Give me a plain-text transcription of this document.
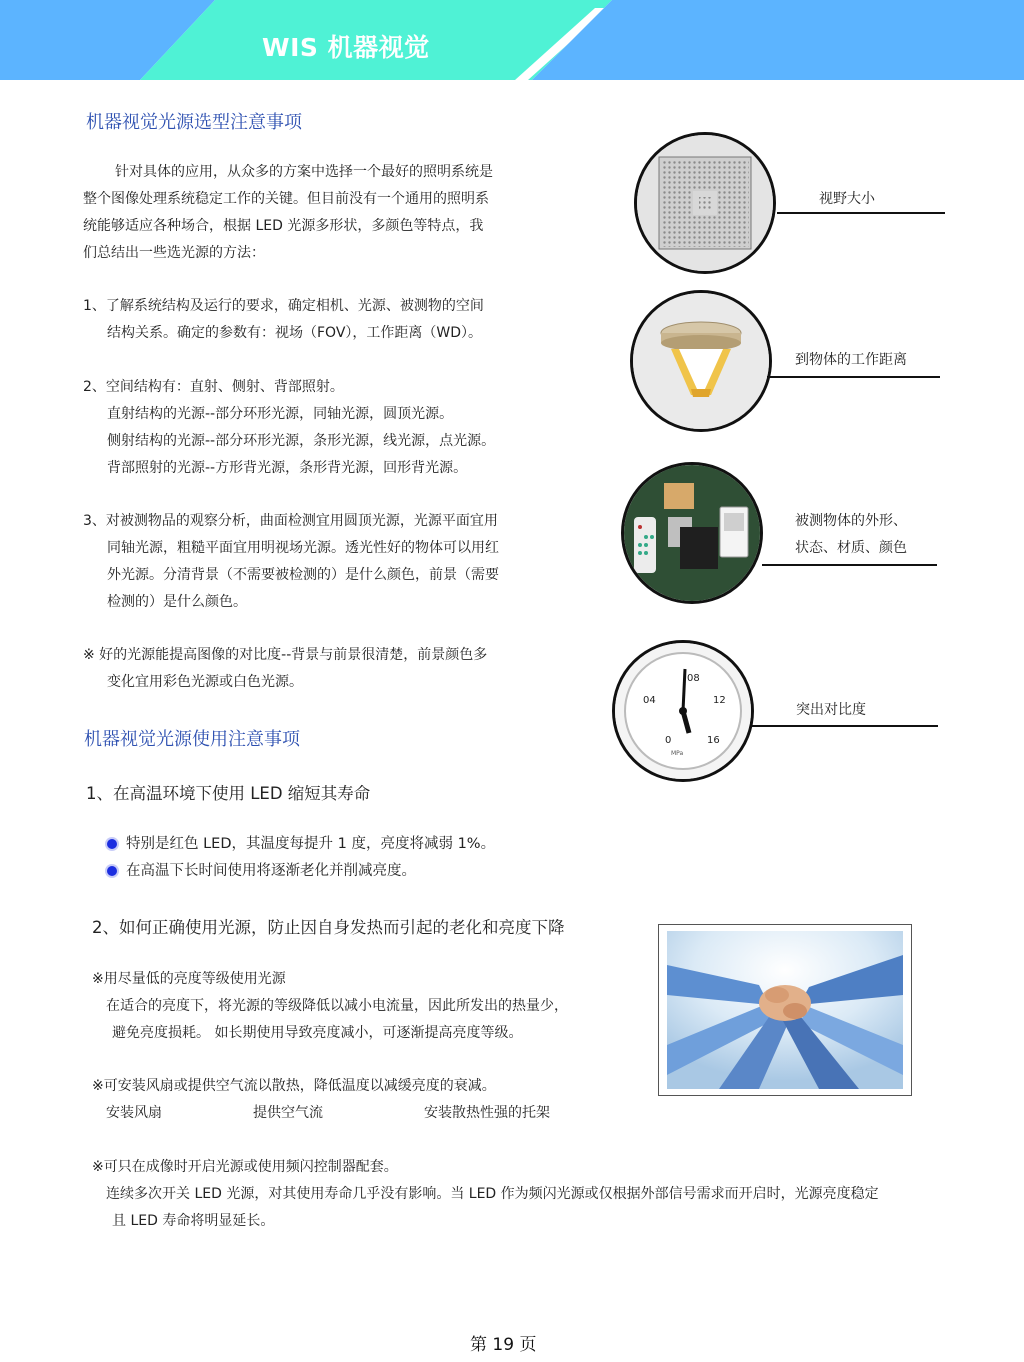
WIS 机器视觉
机器视觉光源选型注意事项
针对具体的应用，从众多的方案中选择一个最好的照明系统是
整个图像处理系统稳定工作的关键。但目前没有一个通用的照明系
统能够适应各种场合，根据 LED 光源多形状，多颜色等特点，我
们总结出一些选光源的方法：
1、了解系统结构及运行的要求，确定相机、光源、被测物的空间
结构关系。确定的参数有：视场（FOV），工作距离（WD）。
2、空间结构有：直射、侧射、背部照射。
直射结构的光源--部分环形光源，同轴光源，圆顶光源。
侧射结构的光源--部分环形光源，条形光源，线光源，点光源。
背部照射的光源--方形背光源，条形背光源，回形背光源。
3、对被测物品的观察分析，曲面检测宜用圆顶光源，光源平面宜用
同轴光源，粗糙平面宜用明视场光源。透光性好的物体可以用红
外光源。分清背景（不需要被检测的）是什么颜色，前景（需要
检测的）是什么颜色。
※ 好的光源能提高图像的对比度--背景与前景很清楚，前景颜色多
变化宜用彩色光源或白色光源。
视野大小
到物体的工作距离
被测物体的外形、
状态、材质、颜色
08
04	12
0	16
MPa
突出对比度
机器视觉光源使用注意事项
1、在高温环境下使用 LED 缩短其寿命
特别是红色 LED，其温度每提升 1 度，亮度将减弱 1%。
在高温下长时间使用将逐渐老化并削减亮度。
2、如何正确使用光源，防止因自身发热而引起的老化和亮度下降
※用尽量低的亮度等级使用光源
在适合的亮度下，将光源的等级降低以减小电流量，因此所发出的热量少，
避免亮度损耗。 如长期使用导致亮度减小，可逐渐提高亮度等级。
※可安装风扇或提供空气流以散热，降低温度以减缓亮度的衰减。
安装风扇	提供空气流	安装散热性强的托架
※可只在成像时开启光源或使用频闪控制器配套。
连续多次开关 LED 光源，对其使用寿命几乎没有影响。当 LED 作为频闪光源或仅根据外部信号需求而开启时，光源亮度稳定
且 LED 寿命将明显延长。
第 19 页
